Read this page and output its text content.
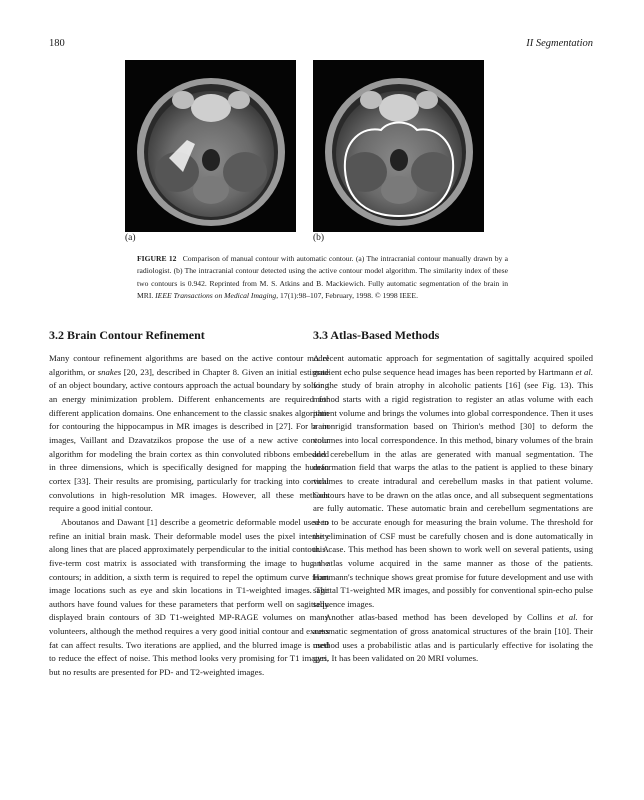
180	II Segmentation
(a)	(b)
FIGURE 12 Comparison of manual contour with automatic contour. (a) The intracranial contour manually drawn by a radiologist. (b) The intracranial contour detected using the active contour model algorithm. The similarity index of these two contours is 0.942. Reprinted from M. S. Atkins and B. Mackiewich. Fully automatic segmentation of the brain in MRI. IEEE Transactions on Medical Imaging, 17(1):98–107, February, 1998. © 1998 IEEE.
3.2 Brain Contour Refinement

Many contour refinement algorithms are based on the active contour model algorithm, or snakes [20, 23], described in Chapter 8. Given an initial estimate of an object boundary, active contours approach the actual boundary by solving an energy minimization problem. Different enhancements are required for different application domains. One enhancement to the classic snakes algorithm for contouring the hippocampus in MR images is described in [27]. For brain images, Vaillant and Dzavatzikos propose the use of a new active contour algorithm for modeling the brain cortex as thin convoluted ribbons embedded in three dimensions, which is specifically designed for mapping the human cortex [33]. Their results are promising, particularly for tracking into cortical convolutions in high-resolution MR images. However, all these methods require a good initial contour.

Aboutanos and Dawant [1] describe a geometric deformable model used to refine an initial brain mask. Their deformable model uses the pixel intensity along lines that are placed approximately perpendicular to the initial contour. A five-term cost matrix is associated with transforming the image to hug the contours; in addition, a sixth term is required to repel the optimum curve from image locations such as eye and skin locations in T1-weighted images. The authors have found values for these parameters that perform well on sagittally displayed brain contours of 3D T1-weighted MP-RAGE volumes on many volunteers, although the method requires a very good initial contour and excess fat can affect results. Two iterations are applied, and the blurred image is used to reduce the effect of noise. This method looks very promising for T1 images, but no results are presented for PD- and T2-weighted images.

3.3 Atlas-Based Methods

A recent automatic approach for segmentation of sagittally acquired spoiled gradient echo pulse sequence head images has been reported by Hartmann et al. for the study of brain atrophy in alcoholic patients [16] (see Fig. 13). This method starts with a rigid registration to register an atlas volume with each patient volume and brings the volumes into global correspondence. Then it uses a nonrigid transformation based on Thirion's method [30] to deform the volumes into local correspondence. In this method, binary volumes of the brain and cerebellum in the atlas are generated with manual segmentation. The deformation field that warps the atlas to the patient is applied to these binary volumes to create intradural and cerebellum masks in that patient volume. Contours have to be drawn on the atlas once, and all subsequent segmentations are fully automatic. These automatic brain and cerebellum segmentations are seen to be accurate enough for measuring the brain volume. The threshold for the elimination of CSF must be carefully chosen and is done automatically in this case. This method has been shown to work well on several patients, using an atlas volume acquired in the same manner as those of the patients. Hartmann's technique shows great promise for future development and use with sagittal T1-weighted MR images, and possibly for conventional spin-echo pulse sequence images.

Another atlas-based method has been developed by Collins et al. for automatic segmentation of gross anatomical structures of the brain [10]. Their method uses a probabilistic atlas and is particularly effective for isolating the gyri. It has been validated on 20 MRI volumes.
